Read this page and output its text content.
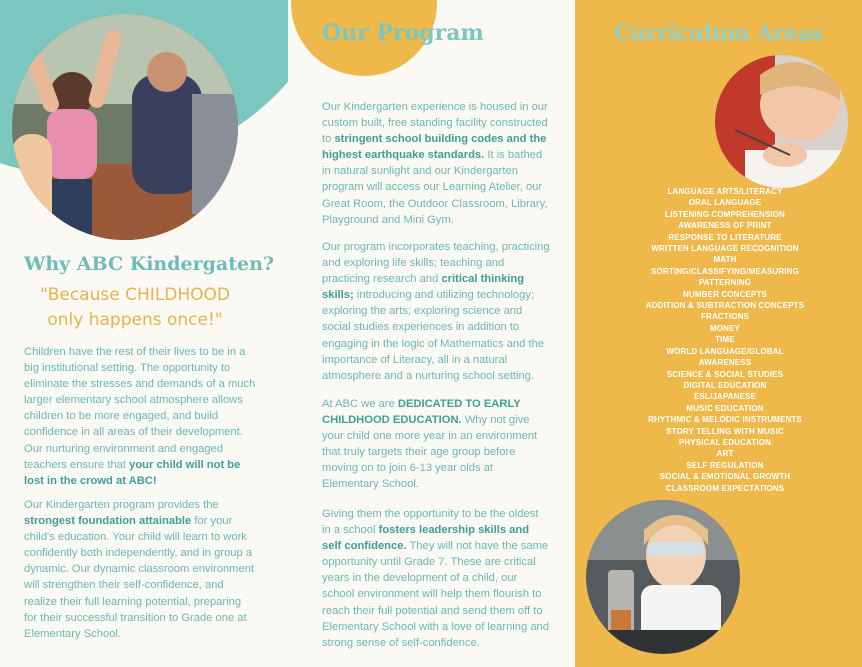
Why ABC Kindergaten?
"Because CHILDHOOD
only happens once!"
Children have the rest of their lives to be in a big institutional setting. The opportunity to eliminate the stresses and demands of a much larger elementary school atmosphere allows children to be more engaged, and build confidence in all areas of their development. Our nurturing environment and engaged teachers ensure that your child will not be lost in the crowd at ABC!
Our Kindergarten program provides the strongest foundation attainable for your child's education. Your child will learn to work confidently both independently, and in group a dynamic. Our dynamic classroom environment will strengthen their self-confidence, and realize their full learning potential, preparing for their successful transition to Grade one at Elementary School.
Our Program
Our Kindergarten experience is housed in our custom built, free standing facility constructed to stringent school building codes and the highest earthquake standards. It is bathed in natural sunlight and our Kindergarten program will access our Learning Atelier, our Great Room, the Outdoor Classroom, Library, Playground and Mini Gym.
Our program incorporates teaching, practicing and exploring life skills; teaching and practicing research and critical thinking skills; introducing and utilizing technology; exploring the arts; exploring science and social studies experiences in addition to engaging in the logic of Mathematics and the importance of Literacy, all in a natural atmosphere and a nurturing school setting.
At ABC we are DEDICATED TO EARLY CHILDHOOD EDUCATION. Why not give your child one more year in an environment that truly targets their age group before moving on to join 6-13 year olds at Elementary School.
Giving them the opportunity to be the oldest in a school fosters leadership skills and self confidence. They will not have the same opportunity until Grade 7. These are critical years in the development of a child, our school environment will help them flourish to reach their full potential and send them off to Elementary School with a love of learning and strong sense of self-confidence.
Curriculum Areas
LANGUAGE ARTS/LITERACY
ORAL LANGUAGE
LISTENING COMPREHENSION
AWARENESS OF PRINT
RESPONSE TO LITERATURE
WRITTEN LANGUAGE RECOGNITION
MATH
SORTING/CLASSIFYING/MEASURING
PATTERNING
NUMBER CONCEPTS
ADDITION & SUBTRACTION CONCEPTS
FRACTIONS
MONEY
TIME
WORLD LANGUAGE/GLOBAL
AWARENESS
SCIENCE & SOCIAL STUDIES
DIGITAL EDUCATION
ESL/JAPANESE
MUSIC EDUCATION
RHYTHMIC & MELODIC INSTRUMENTS
STORY TELLING WITH MUSIC
PHYSICAL EDUCATION
ART
SELF REGULATION
SOCIAL & EMOTIONAL GROWTH
CLASSROOM EXPECTATIONS
